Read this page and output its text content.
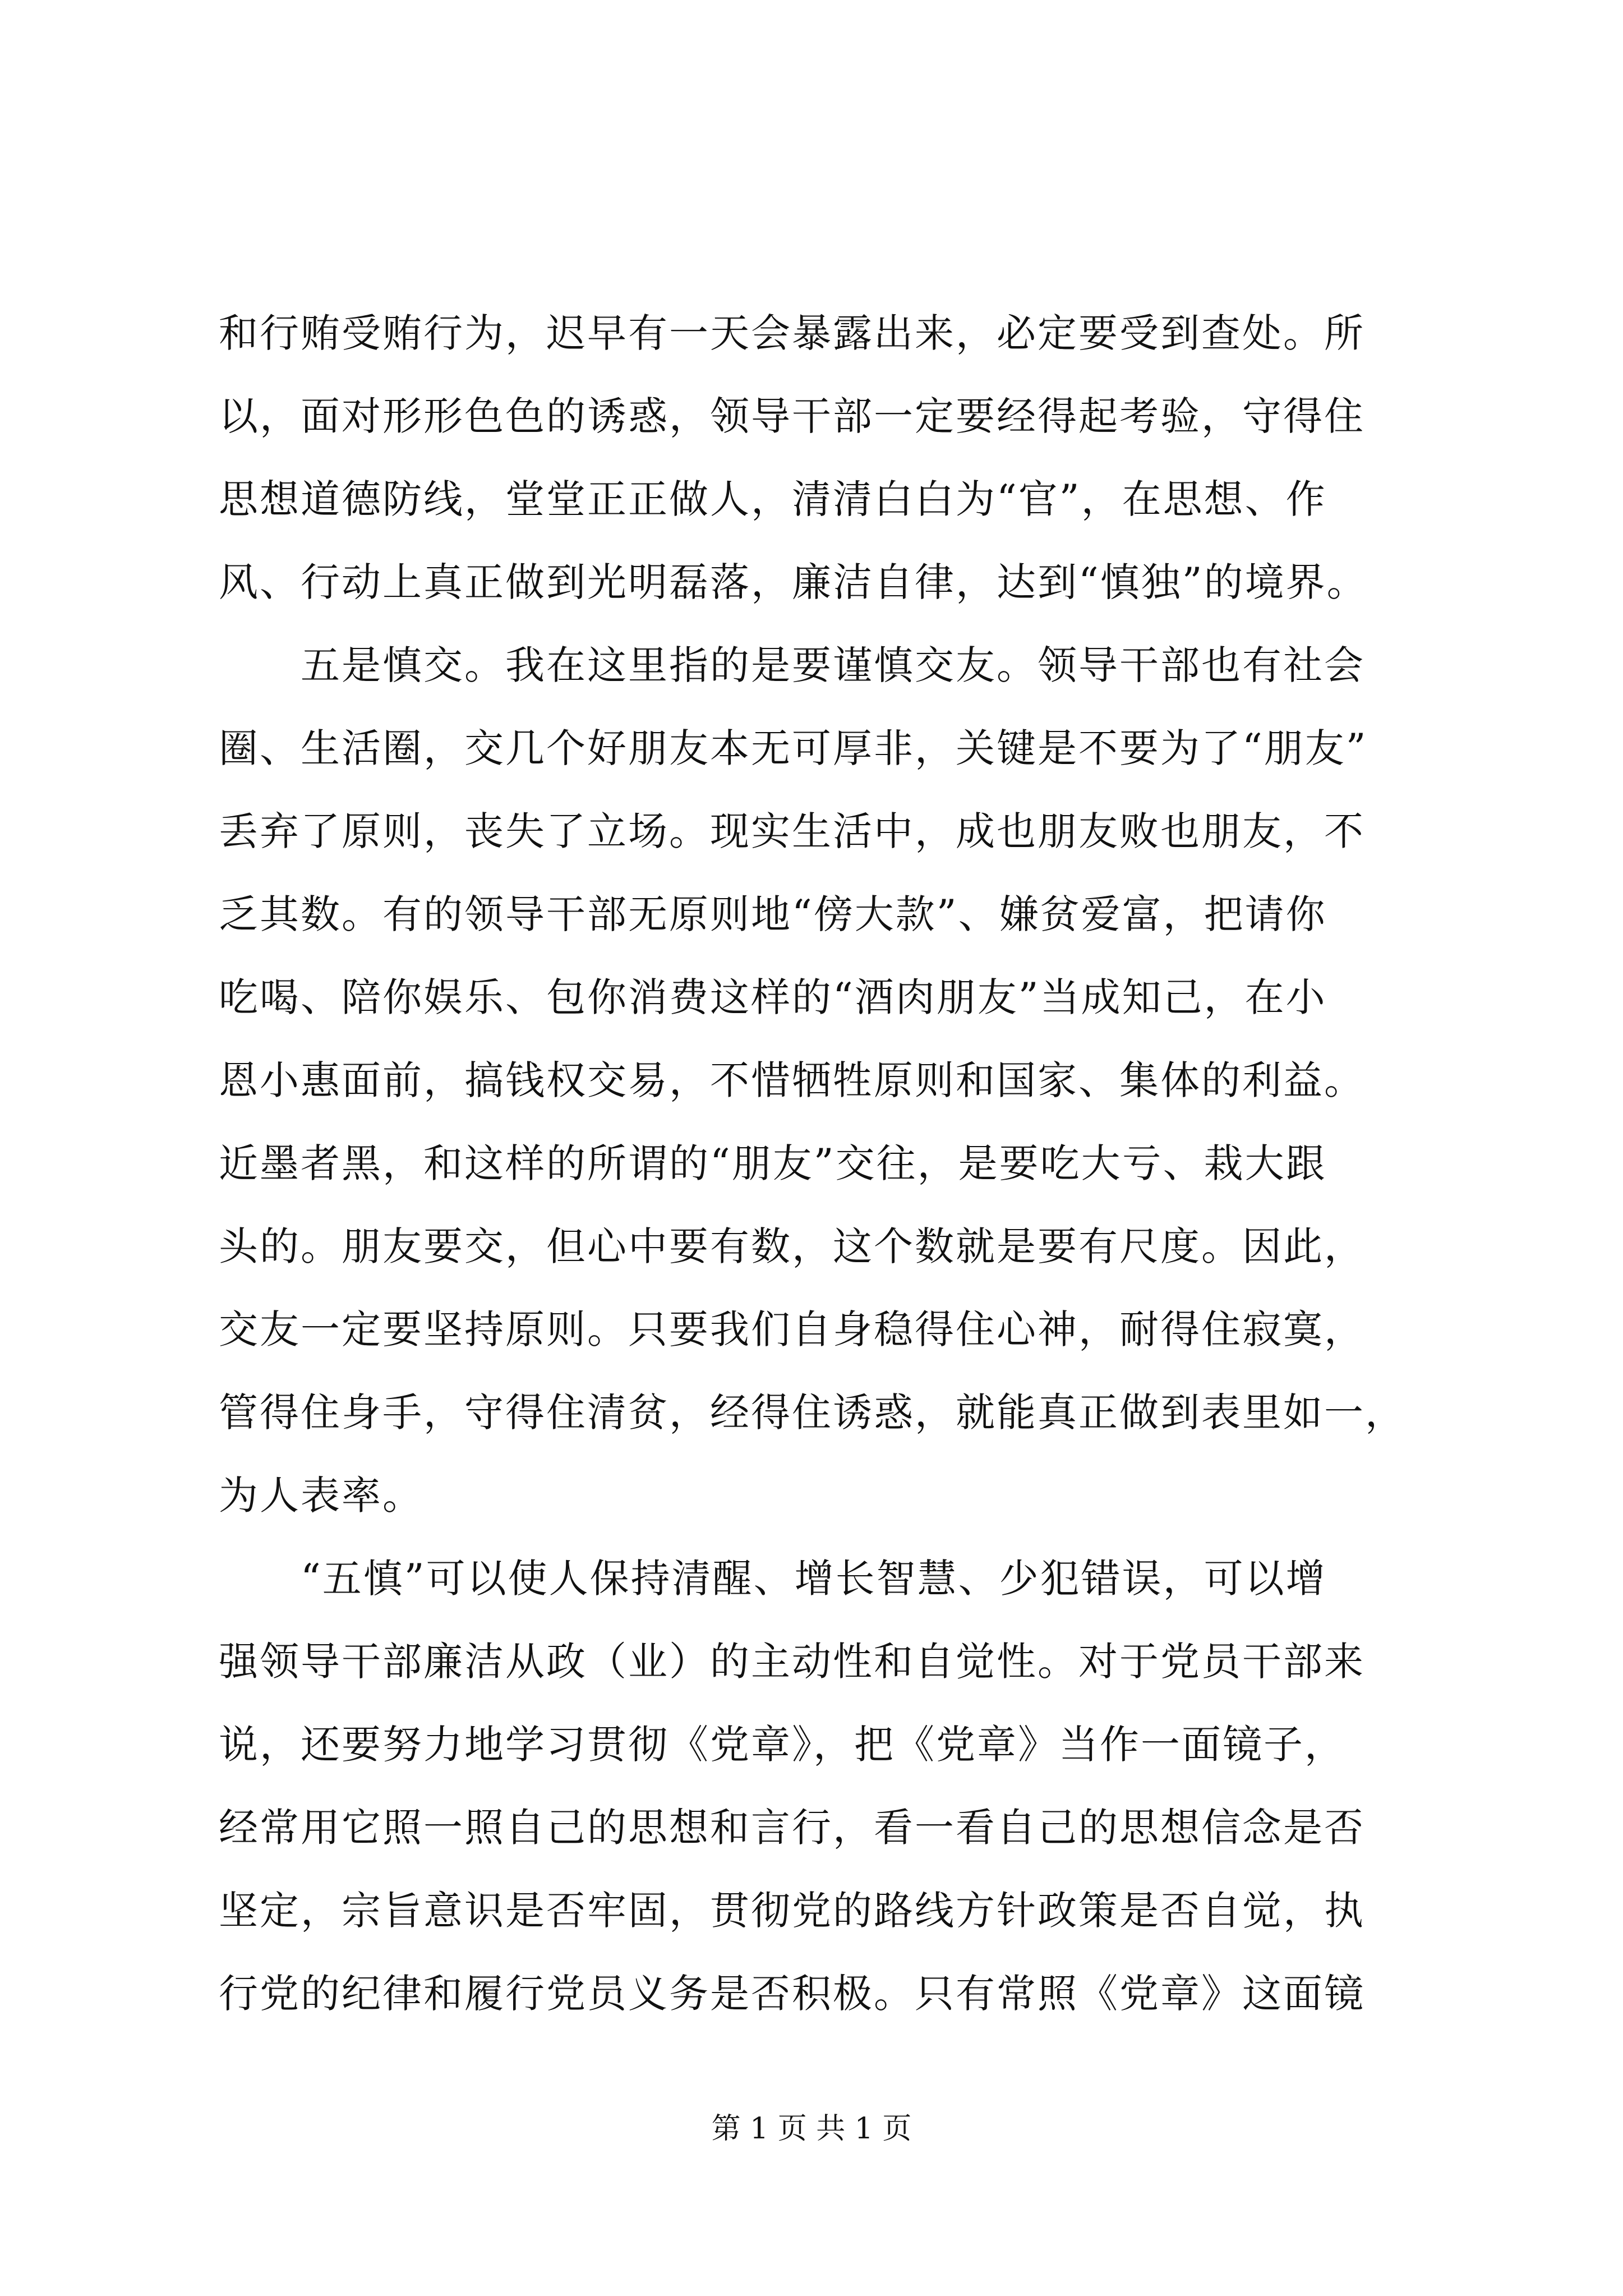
和行贿受贿行为，迟早有一天会暴露出来，必定要受到查处。所
以，面对形形色色的诱惑，领导干部一定要经得起考验，守得住
思想道德防线，堂堂正正做人，清清白白为“官”，在思想、作
风、行动上真正做到光明磊落，廉洁自律，达到“慎独”的境界。
　　五是慎交。我在这里指的是要谨慎交友。领导干部也有社会
圈、生活圈，交几个好朋友本无可厚非，关键是不要为了“朋友”
丢弃了原则，丧失了立场。现实生活中，成也朋友败也朋友，不
乏其数。有的领导干部无原则地“傍大款”、嫌贫爱富，把请你
吃喝、陪你娱乐、包你消费这样的“酒肉朋友”当成知己，在小
恩小惠面前，搞钱权交易，不惜牺牲原则和国家、集体的利益。
近墨者黑，和这样的所谓的“朋友”交往，是要吃大亏、栽大跟
头的。朋友要交，但心中要有数，这个数就是要有尺度。因此，
交友一定要坚持原则。只要我们自身稳得住心神，耐得住寂寞，
管得住身手，守得住清贫，经得住诱惑，就能真正做到表里如一，
为人表率。
　　“五慎”可以使人保持清醒、增长智慧、少犯错误，可以增
强领导干部廉洁从政（业）的主动性和自觉性。对于党员干部来
说，还要努力地学习贯彻《党章》，把《党章》当作一面镜子，
经常用它照一照自己的思想和言行，看一看自己的思想信念是否
坚定，宗旨意识是否牢固，贯彻党的路线方针政策是否自觉，执
行党的纪律和履行党员义务是否积极。只有常照《党章》这面镜
第 1 页 共 1 页
